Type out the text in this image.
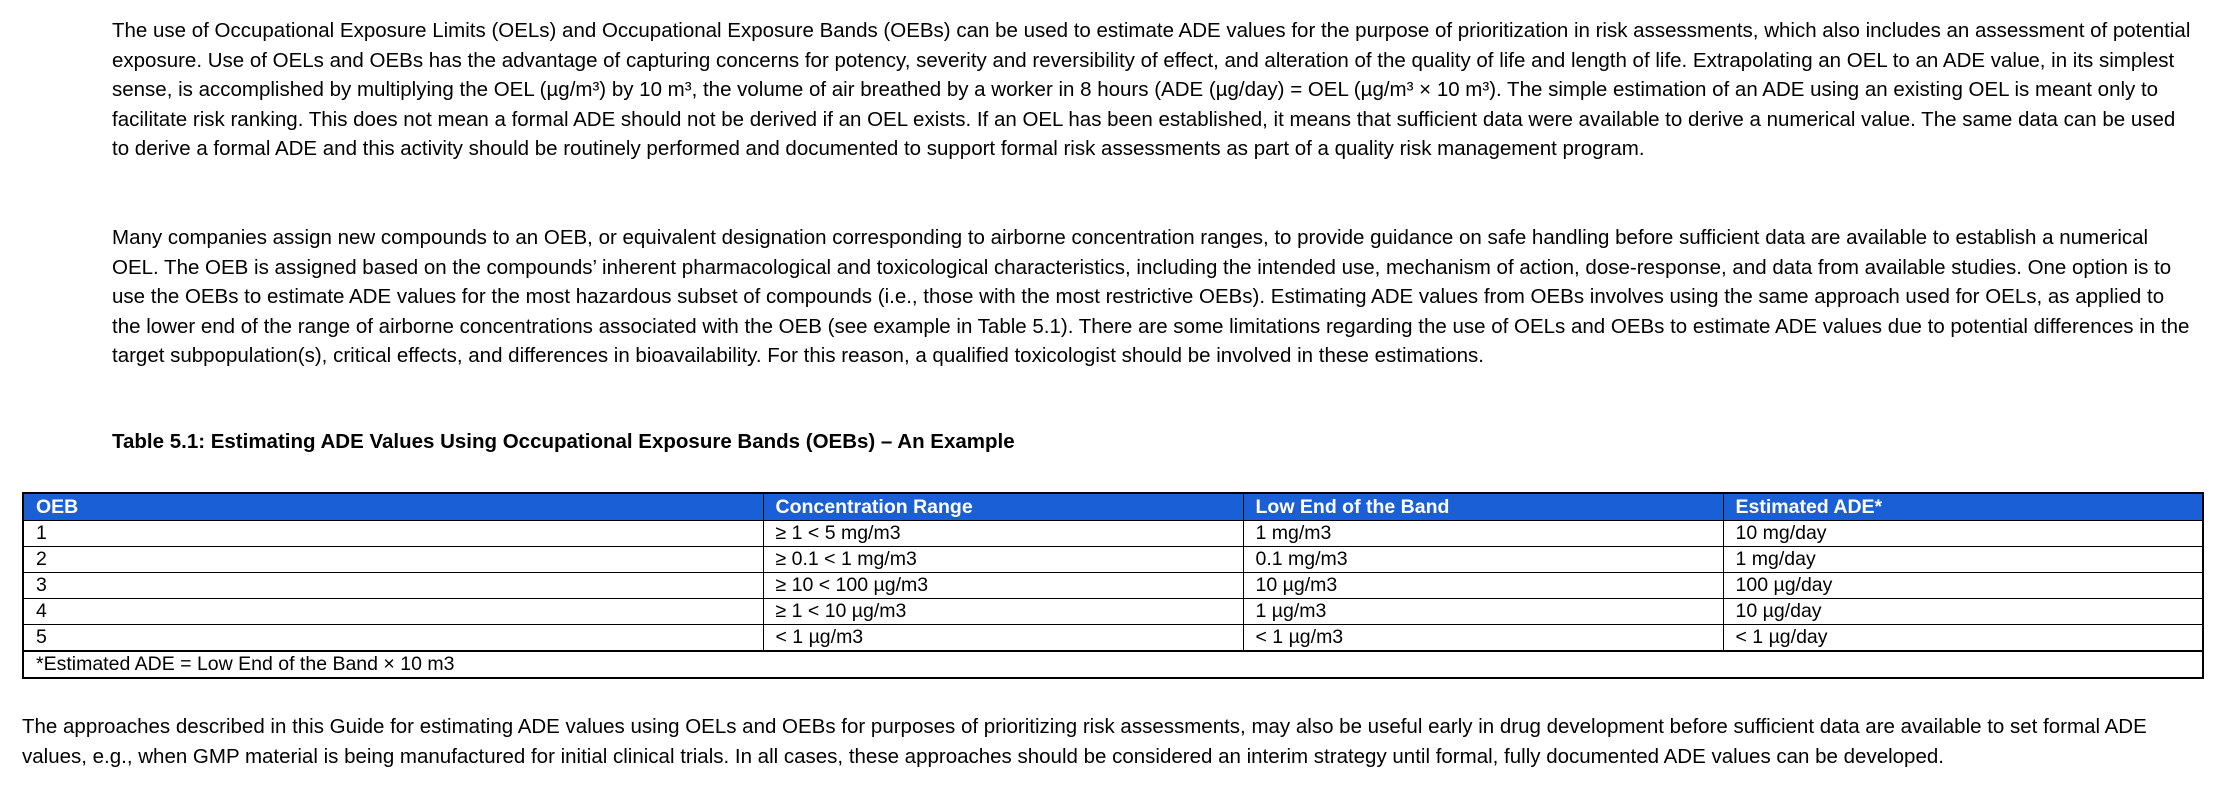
The use of Occupational Exposure Limits (OELs) and Occupational Exposure Bands (OEBs) can be used to estimate ADE values for the purpose of prioritization in risk assessments, which also includes an assessment of potential exposure. Use of OELs and OEBs has the advantage of capturing concerns for potency, severity and reversibility of effect, and alteration of the quality of life and length of life. Extrapolating an OEL to an ADE value, in its simplest sense, is accomplished by multiplying the OEL (µg/m³) by 10 m³, the volume of air breathed by a worker in 8 hours (ADE (µg/day) = OEL (µg/m³ × 10 m³). The simple estimation of an ADE using an existing OEL is meant only to facilitate risk ranking. This does not mean a formal ADE should not be derived if an OEL exists. If an OEL has been established, it means that sufficient data were available to derive a numerical value. The same data can be used to derive a formal ADE and this activity should be routinely performed and documented to support formal risk assessments as part of a quality risk management program.

Many companies assign new compounds to an OEB, or equivalent designation corresponding to airborne concentration ranges, to provide guidance on safe handling before sufficient data are available to establish a numerical OEL. The OEB is assigned based on the compounds’ inherent pharmacological and toxicological characteristics, including the intended use, mechanism of action, dose-response, and data from available studies. One option is to use the OEBs to estimate ADE values for the most hazardous subset of compounds (i.e., those with the most restrictive OEBs). Estimating ADE values from OEBs involves using the same approach used for OELs, as applied to the lower end of the range of airborne concentrations associated with the OEB (see example in Table 5.1). There are some limitations regarding the use of OELs and OEBs to estimate ADE values due to potential differences in the target subpopulation(s), critical effects, and differences in bioavailability. For this reason, a qualified toxicologist should be involved in these estimations.

Table 5.1: Estimating ADE Values Using Occupational Exposure Bands (OEBs) – An Example

OEB	Concentration Range	Low End of the Band	Estimated ADE*
1	≥ 1 < 5 mg/m3	1 mg/m3	10 mg/day
2	≥ 0.1 < 1 mg/m3	0.1 mg/m3	1 mg/day
3	≥ 10 < 100 µg/m3	10 µg/m3	100 µg/day
4	≥ 1 < 10 µg/m3	1 µg/m3	10 µg/day
5	< 1 µg/m3	< 1 µg/m3	< 1 µg/day
*Estimated ADE = Low End of the Band × 10 m3			

The approaches described in this Guide for estimating ADE values using OELs and OEBs for purposes of prioritizing risk assessments, may also be useful early in drug development before sufficient data are available to set formal ADE values, e.g., when GMP material is being manufactured for initial clinical trials. In all cases, these approaches should be considered an interim strategy until formal, fully documented ADE values can be developed.
